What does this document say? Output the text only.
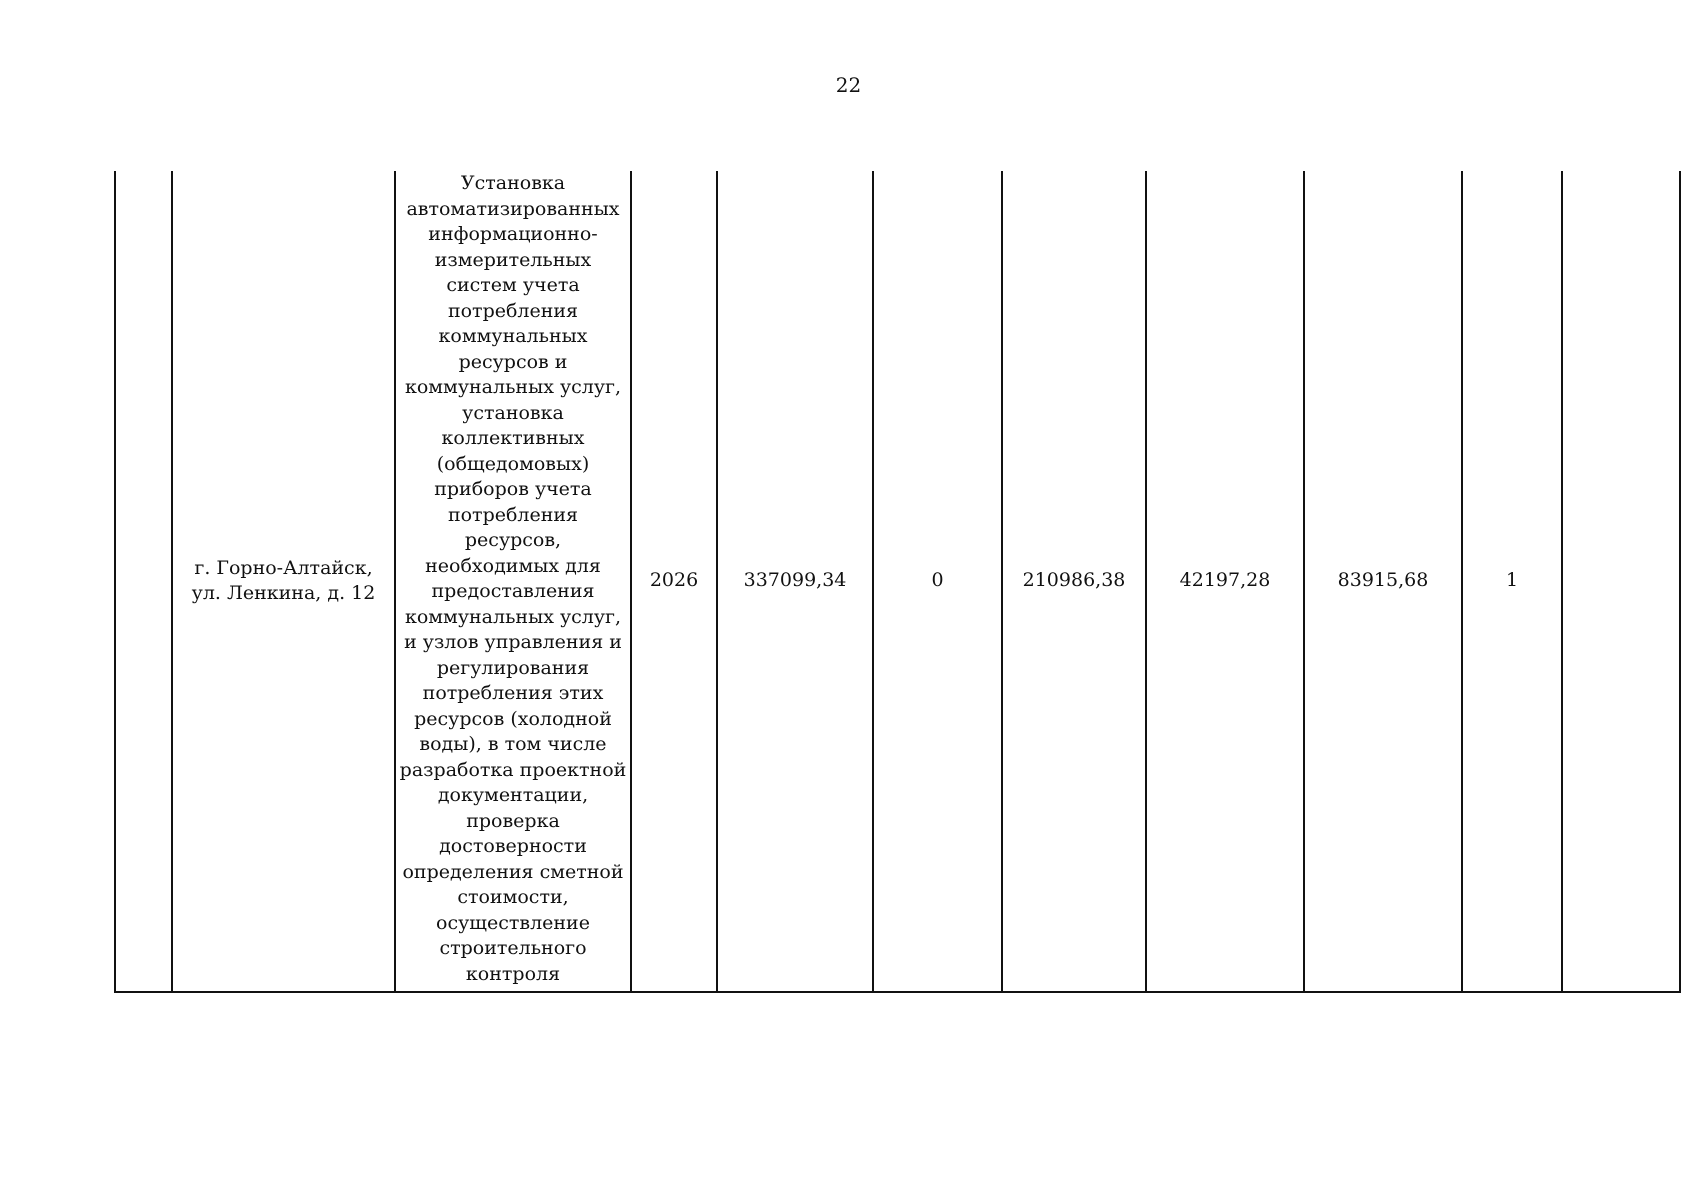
22

г. Горно-Алтайск,
ул. Ленкина, д. 12

Установка
автоматизированных
информационно-
измерительных
систем учета
потребления
коммунальных
ресурсов и
коммунальных услуг,
установка
коллективных
(общедомовых)
приборов учета
потребления
ресурсов,
необходимых для
предоставления
коммунальных услуг,
и узлов управления и
регулирования
потребления этих
ресурсов (холодной
воды), в том числе
разработка проектной
документации,
проверка
достоверности
определения сметной
стоимости,
осуществление
строительного
контроля

2026	337099,34	0	210986,38	42197,28	83915,68	1
